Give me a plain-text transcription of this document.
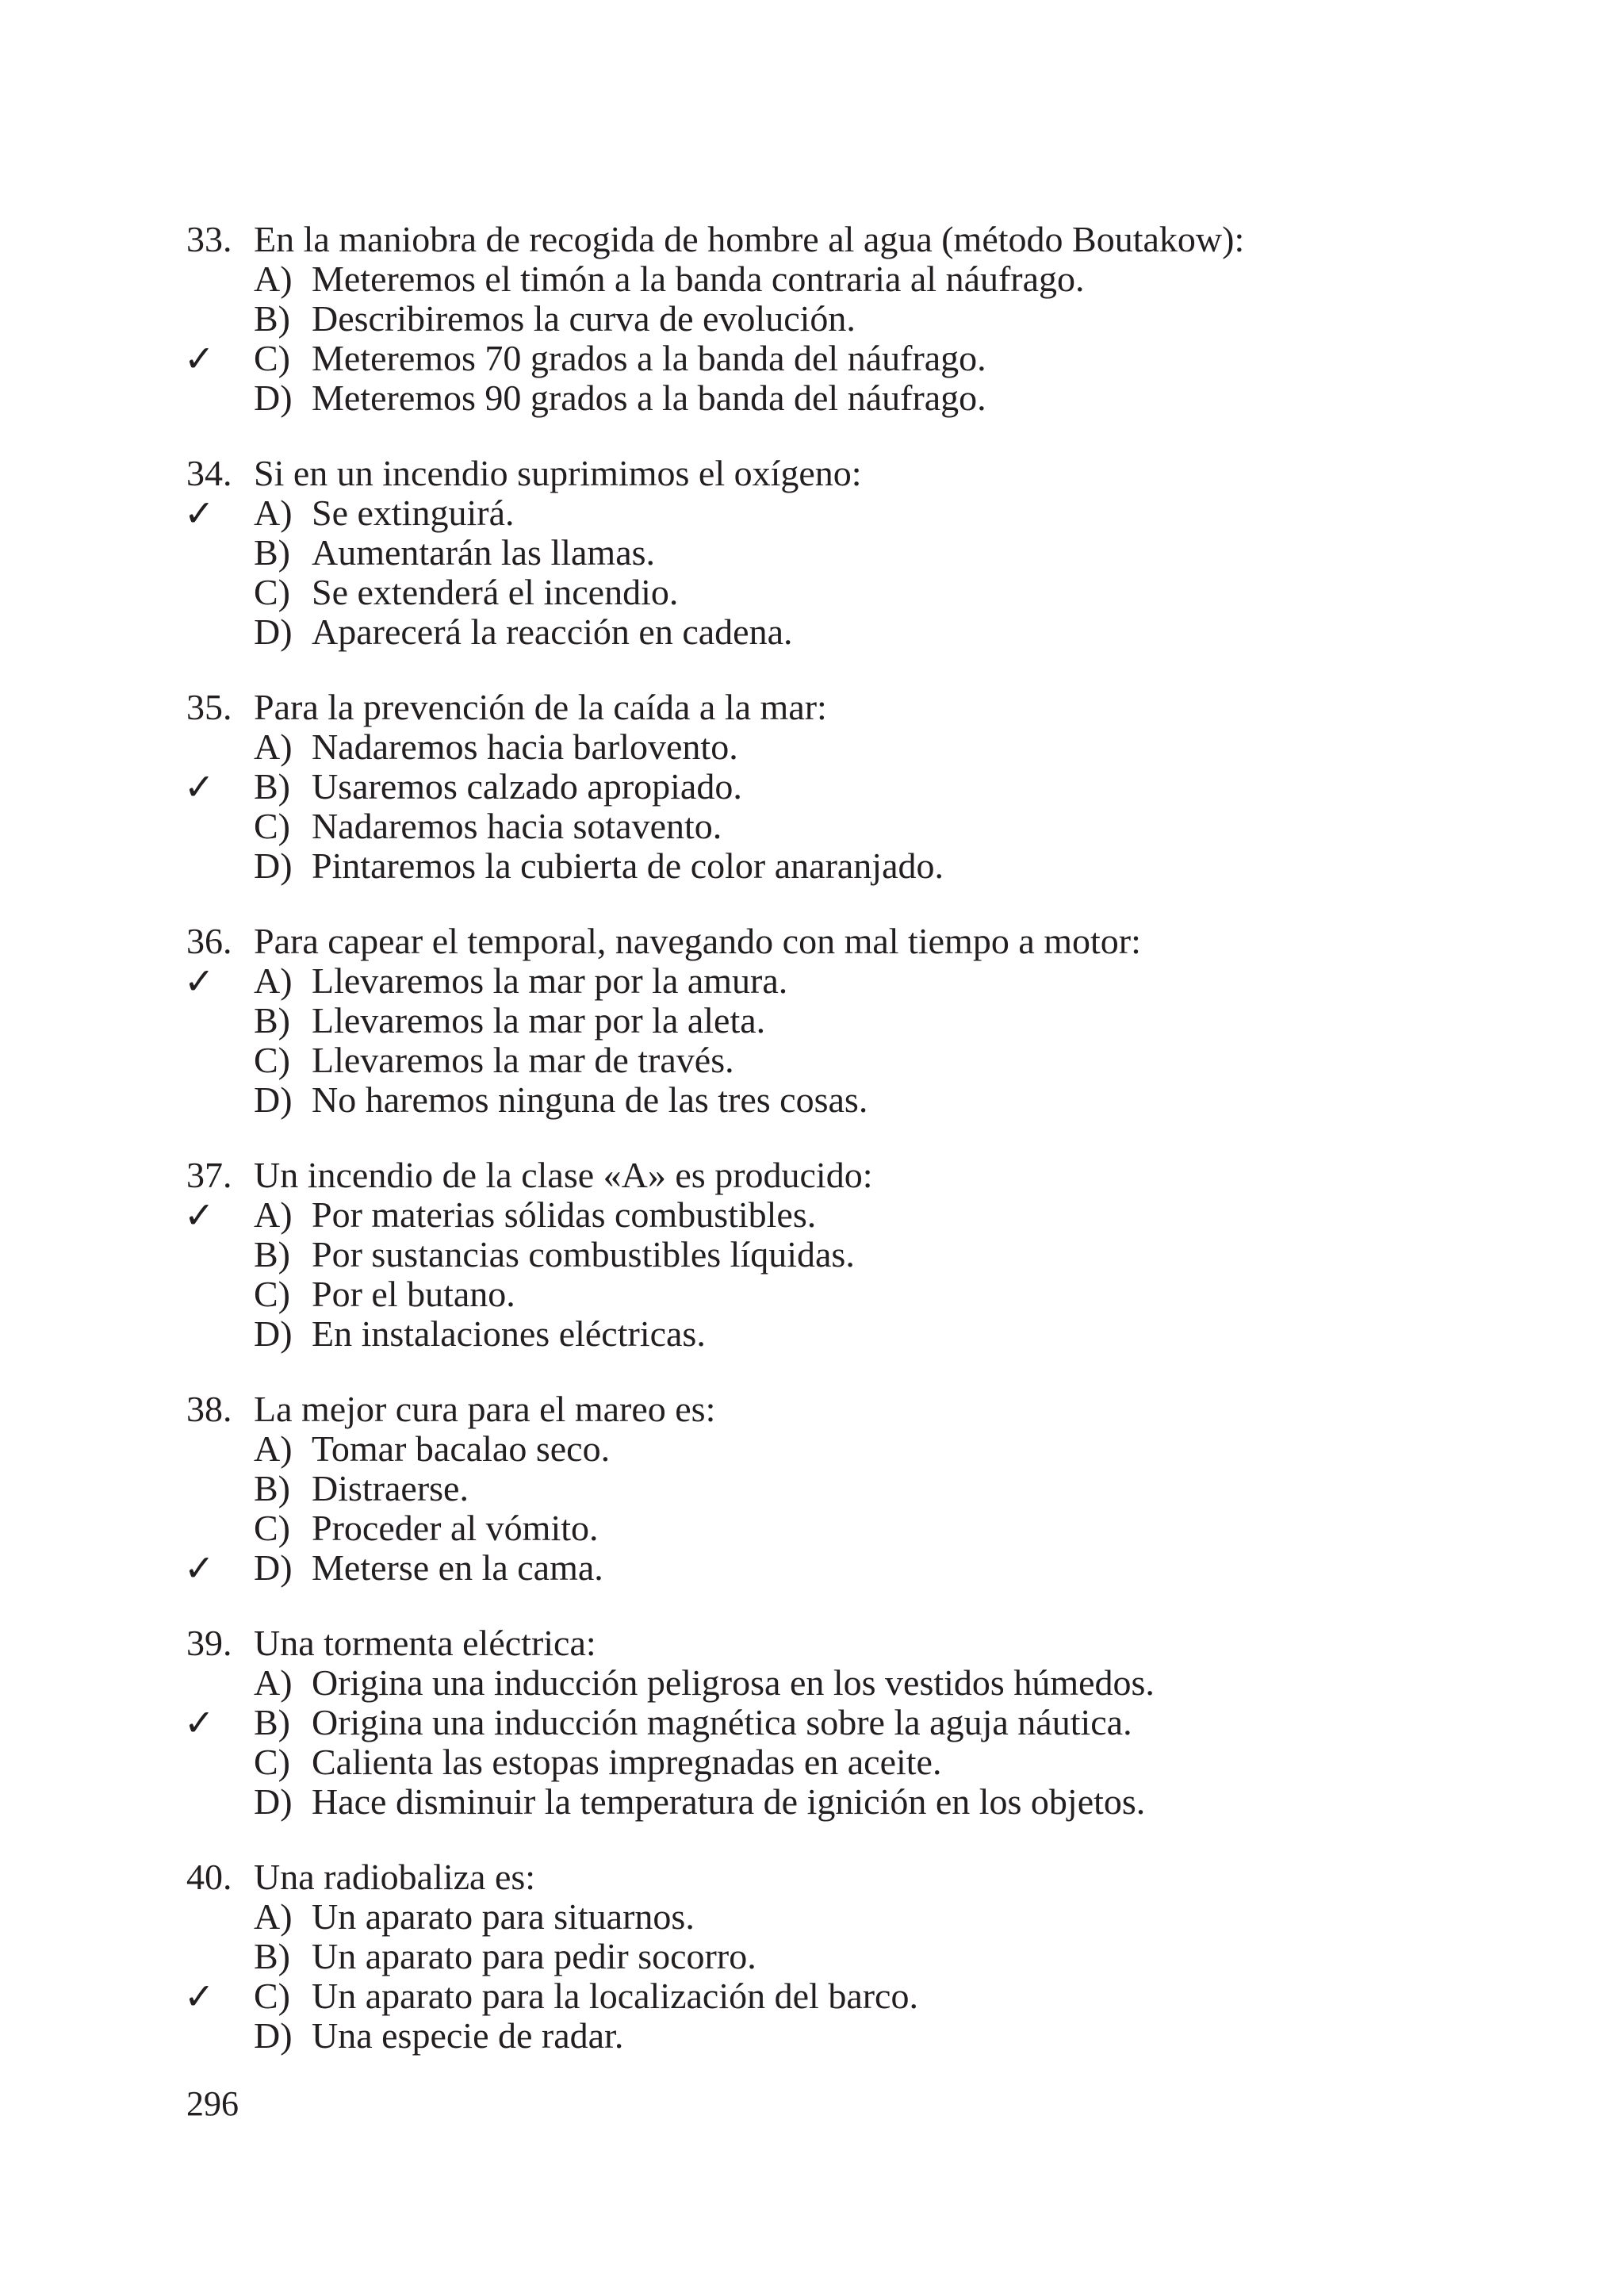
33. En la maniobra de recogida de hombre al agua (método Boutakow):
A) Meteremos el timón a la banda contraria al náufrago.
B) Describiremos la curva de evolución.
✓ C) Meteremos 70 grados a la banda del náufrago.
D) Meteremos 90 grados a la banda del náufrago.
34. Si en un incendio suprimimos el oxígeno:
✓ A) Se extinguirá.
B) Aumentarán las llamas.
C) Se extenderá el incendio.
D) Aparecerá la reacción en cadena.
35. Para la prevención de la caída a la mar:
A) Nadaremos hacia barlovento.
✓ B) Usaremos calzado apropiado.
C) Nadaremos hacia sotavento.
D) Pintaremos la cubierta de color anaranjado.
36. Para capear el temporal, navegando con mal tiempo a motor:
✓ A) Llevaremos la mar por la amura.
B) Llevaremos la mar por la aleta.
C) Llevaremos la mar de través.
D) No haremos ninguna de las tres cosas.
37. Un incendio de la clase «A» es producido:
✓ A) Por materias sólidas combustibles.
B) Por sustancias combustibles líquidas.
C) Por el butano.
D) En instalaciones eléctricas.
38. La mejor cura para el mareo es:
A) Tomar bacalao seco.
B) Distraerse.
C) Proceder al vómito.
✓ D) Meterse en la cama.
39. Una tormenta eléctrica:
A) Origina una inducción peligrosa en los vestidos húmedos.
✓ B) Origina una inducción magnética sobre la aguja náutica.
C) Calienta las estopas impregnadas en aceite.
D) Hace disminuir la temperatura de ignición en los objetos.
40. Una radiobaliza es:
A) Un aparato para situarnos.
B) Un aparato para pedir socorro.
✓ C) Un aparato para la localización del barco.
D) Una especie de radar.
296
